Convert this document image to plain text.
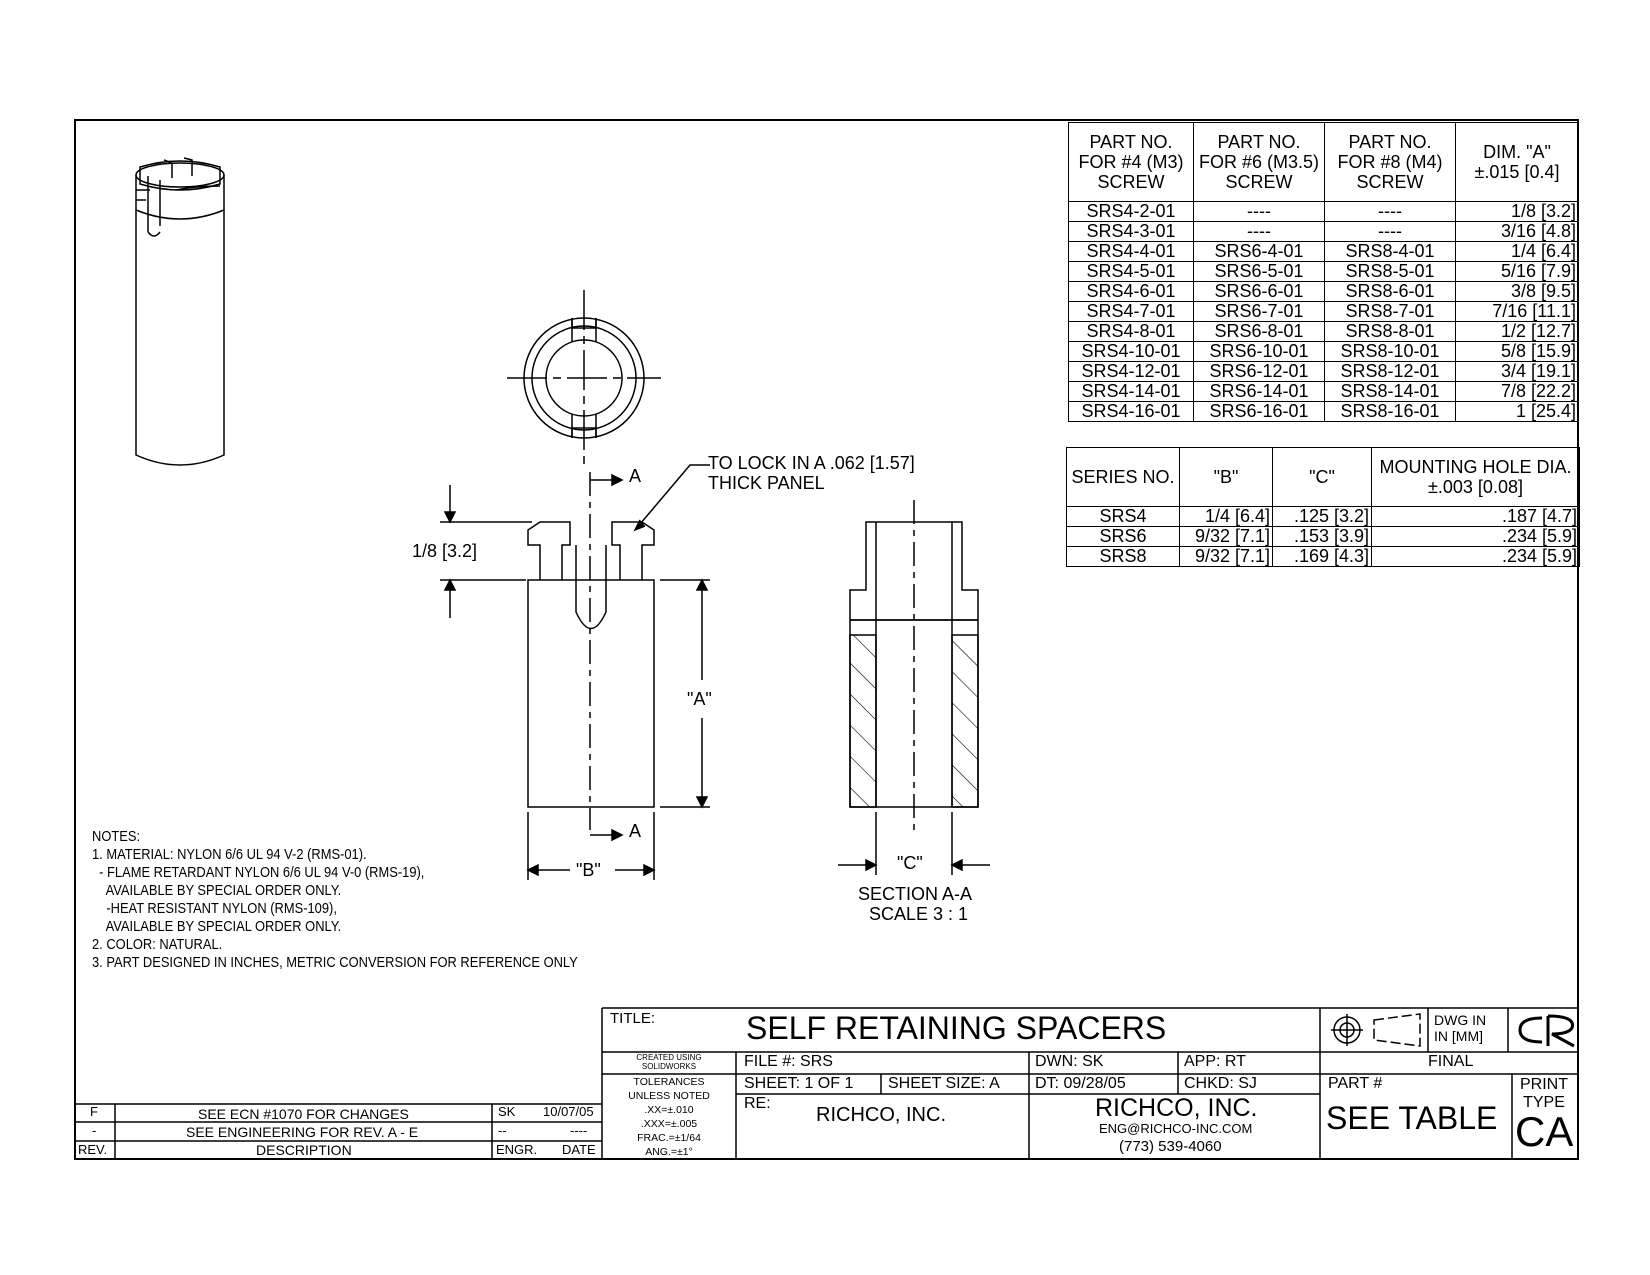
PART NO.
FOR #4 (M3)
SCREW	PART NO.
FOR #6 (M3.5)
SCREW	PART NO.
FOR #8 (M4)
SCREW	DIM. "A"
±.015 [0.4]
SRS4-2-01	----	----	1/8 [3.2]
SRS4-3-01	----	----	3/16 [4.8]
SRS4-4-01	SRS6-4-01	SRS8-4-01	1/4 [6.4]
SRS4-5-01	SRS6-5-01	SRS8-5-01	5/16 [7.9]
SRS4-6-01	SRS6-6-01	SRS8-6-01	3/8 [9.5]
SRS4-7-01	SRS6-7-01	SRS8-7-01	7/16 [11.1]
SRS4-8-01	SRS6-8-01	SRS8-8-01	1/2 [12.7]
SRS4-10-01	SRS6-10-01	SRS8-10-01	5/8 [15.9]
SRS4-12-01	SRS6-12-01	SRS8-12-01	3/4 [19.1]
SRS4-14-01	SRS6-14-01	SRS8-14-01	7/8 [22.2]
SRS4-16-01	SRS6-16-01	SRS8-16-01	1 [25.4]
SERIES NO.	"B"	"C"	MOUNTING HOLE DIA.
±.003 [0.08]
SRS4	1/4 [6.4]	.125 [3.2]	.187 [4.7]
SRS6	9/32 [7.1]	.153 [3.9]	.234 [5.9]
SRS8	9/32 [7.1]	.169 [4.3]	.234 [5.9]
TO LOCK IN A .062 [1.57]
THICK PANEL
1/8 [3.2]
"A"
"B"	"C"
A
A
SECTION A-A
SCALE 3 : 1
NOTES:
1. MATERIAL: NYLON 6/6 UL 94 V-2 (RMS-01).
- FLAME RETARDANT NYLON 6/6 UL 94 V-0 (RMS-19),
AVAILABLE BY SPECIAL ORDER ONLY.
-HEAT RESISTANT NYLON (RMS-109),
AVAILABLE BY SPECIAL ORDER ONLY.
2. COLOR: NATURAL.
3. PART DESIGNED IN INCHES, METRIC CONVERSION FOR REFERENCE ONLY
F	SEE ECN #1070 FOR CHANGES	SK 10/07/05
-	SEE ENGINEERING FOR REV. A - E	--	----
REV.	DESCRIPTION	ENGR. DATE
TITLE:	SELF RETAINING SPACERS
CREATED USING
SOLIDWORKS
TOLERANCES
UNLESS NOTED
.XX=±.010
.XXX=±.005
FRAC.=±1/64
ANG.=±1°
FILE #: SRS	DWN: SK	APP: RT	FINAL
SHEET: 1 OF 1 SHEET SIZE: A DT: 09/28/05	CHKD: SJ	PART #
SEE TABLE
RE:
RICHCO, INC.	RICHCO, INC.
ENG@RICHCO-INC.COM
(773) 539-4060
DWG IN
IN [MM]
PRINT
TYPE
CA
